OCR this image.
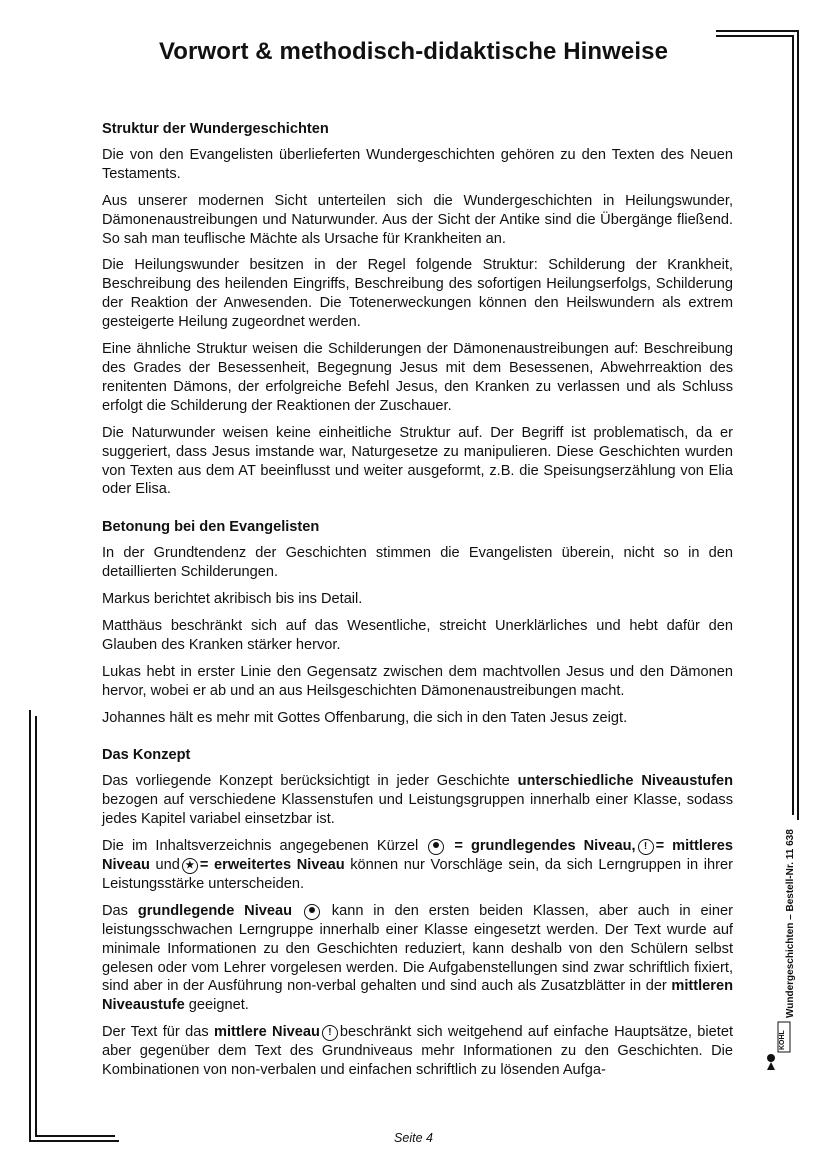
Vorwort & methodisch-didaktische Hinweise
Struktur der Wundergeschichten

Die von den Evangelisten überlieferten Wundergeschichten gehören zu den Texten des Neuen Testaments.

Aus unserer modernen Sicht unterteilen sich die Wundergeschichten in Heilungswunder, Dämonenaustreibungen und Naturwunder. Aus der Sicht der Antike sind die Übergänge fließend. So sah man teuflische Mächte als Ursache für Krankheiten an.

Die Heilungswunder besitzen in der Regel folgende Struktur: Schilderung der Krankheit, Beschreibung des heilenden Eingriffs, Beschreibung des sofortigen Heilungserfolgs, Schilderung der Reaktion der Anwesenden. Die Totenerweckungen können den Heilswundern als extrem gesteigerte Heilung zugeordnet werden.

Eine ähnliche Struktur weisen die Schilderungen der Dämonenaustreibungen auf: Beschreibung des Grades der Besessenheit, Begegnung Jesus mit dem Besessenen, Abwehrreaktion des renitenten Dämons, der erfolgreiche Befehl Jesus, den Kranken zu verlassen und als Schluss erfolgt die Schilderung der Reaktionen der Zuschauer.

Die Naturwunder weisen keine einheitliche Struktur auf. Der Begriff ist problematisch, da er suggeriert, dass Jesus imstande war, Naturgesetze zu manipulieren. Diese Geschichten wurden von Texten aus dem AT beeinflusst und weiter ausgeformt, z.B. die Speisungserzählung von Elia oder Elisa.

Betonung bei den Evangelisten

In der Grundtendenz der Geschichten stimmen die Evangelisten überein, nicht so in den detaillierten Schilderungen.

Markus berichtet akribisch bis ins Detail.

Matthäus beschränkt sich auf das Wesentliche, streicht Unerklärliches und hebt dafür den Glauben des Kranken stärker hervor.

Lukas hebt in erster Linie den Gegensatz zwischen dem machtvollen Jesus und den Dämonen hervor, wobei er ab und an aus Heilsgeschichten Dämonenaustreibungen macht.

Johannes hält es mehr mit Gottes Offenbarung, die sich in den Taten Jesus zeigt.

Das Konzept

Das vorliegende Konzept berücksichtigt in jeder Geschichte unterschiedliche Niveaustufen bezogen auf verschiedene Klassenstufen und Leistungsgruppen innerhalb einer Klasse, sodass jedes Kapitel variabel einsetzbar ist.

Die im Inhaltsverzeichnis angegebenen Kürzel  = grundlegendes Niveau, ! = mittleres Niveau und ★ = erweitertes Niveau können nur Vorschläge sein, da sich Lerngruppen in ihrer Leistungsstärke unterscheiden.

Das grundlegende Niveau  kann in den ersten beiden Klassen, aber auch in einer leistungsschwachen Lerngruppe innerhalb einer Klasse eingesetzt werden. Der Text wurde auf minimale Informationen zu den Geschichten reduziert, kann deshalb von den Schülern selbst gelesen oder vom Lehrer vorgelesen werden. Die Aufgabenstellungen sind zwar schriftlich fixiert, sind aber in der Ausführung non-verbal gehalten und sind auch als Zusatzblätter in der mittleren Niveaustufe geeignet.

Der Text für das mittlere Niveau ! beschränkt sich weitgehend auf einfache Hauptsätze, bietet aber gegenüber dem Text des Grundniveaus mehr Informationen zu den Geschichten. Die Kombinationen von non-verbalen und einfachen schriftlich zu lösenden Aufga-

Wundergeschichten – Bestell-Nr. 11 638
KOHL
Seite 4
